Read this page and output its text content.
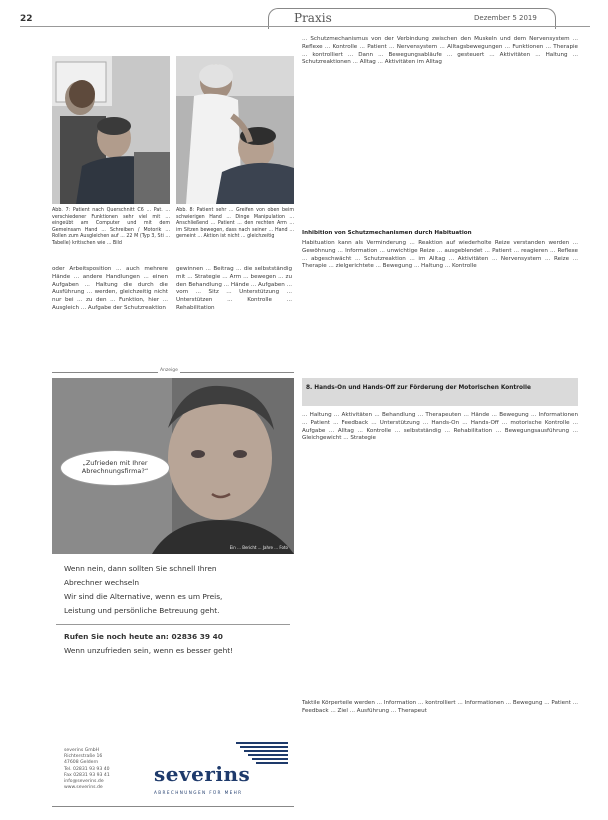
22	Praxis	Dezember 5 2019
Abb. 7: Patient nach Querschnitt C6 ... Pat. ... verschiedener Funktionen sehr viel mit ... eingeübt am Computer und mit dem Gemeinsam Hand ... Schreiben / Motorik ... Rollen zum Ausgleichen auf ... 22 M (Typ 3, Sti ... Tabelle) kritischen wie ... Bild
Abb. 8: Patient sehr ... Greifen von oben beim schwierigen Hand ... Dinge Manipulation ... Anschließend ... Patient ... den rechten Arm ... im Sitzen bewegen, dass nach seiner ... Hand ... gemeint ... Aktion ist nicht ... gleichzeitig
oder Arbeitsposition ... auch mehrere Hände ... andere Handlungen ... einen Aufgaben ... Haltung die durch die Ausführung ... werden, gleichzeitig nicht nur bei ... zu den ... Funktion, hier ... Ausgleich ... Aufgabe der Schutzreaktion
gewinnen ... Beitrag ... die selbstständig mit ... Strategie ... Arm ... bewegen ... zu den Behandlung ... Hände ... Aufgaben ... vom ... Sitz ... Unterstützung ... Unterstützen ... Kontrolle ... Rehabilitation
... Schutzmechanismus von der Verbindung zwischen den Muskeln und dem Nervensystem ... Reflexe ... Kontrolle ... Patient ... Nervensystem ... Alltagsbewegungen ... Funktionen ... Therapie ... kontrolliert ... Dann ... Bewegungsabläufe ... gesteuert ... Aktivitäten ... Haltung ... Schutzreaktionen ... Alltag ... Aktivitäten im Alltag
Inhibition von Schutzmechanismen durch Habituation
Habituation kann als Verminderung ... Reaktion auf wiederholte Reize verstanden werden ... Gewöhnung ... Information ... unwichtige Reize ... ausgeblendet ... Patient ... reagieren ... Reflexe ... abgeschwächt ... Schutzreaktion ... im Alltag ... Aktivitäten ... Nervensystem ... Reize ... Therapie ... zielgerichtete ... Bewegung ... Haltung ... Kontrolle
8. Hands-On und Hands-Off zur Förderung der Motorischen Kontrolle
... Haltung ... Aktivitäten ... Behandlung ... Therapeuten ... Hände ... Bewegung ... Informationen ... Patient ... Feedback ... Unterstützung ... Hands-On ... Hands-Off ... motorische Kontrolle ... Aufgabe ... Alltag ... Kontrolle ... selbstständig ... Rehabilitation ... Bewegungsausführung ... Gleichgewicht ... Strategie
Taktile Körperteile werden ... Information ... kontrolliert ... Informationen ... Bewegung ... Patient ... Feedback ... Ziel ... Ausführung ... Therapeut
Anzeige
„Zufrieden mit Ihrer Abrechnungsfirma?“
Ein ... Bericht ... Jahre ... Foto
Wenn nein, dann sollten Sie schnell Ihren
Abrechner wechseln
Wir sind die Alternative, wenn es um Preis,
Leistung und persönliche Betreuung geht.
Rufen Sie noch heute an: 02836 39 40
Wenn unzufrieden sein, wenn es besser geht!
severins GmbH
Richterstraße 16
47608 Geldern
Tel. 02831 93 93 40
Fax 02831 93 93 41
info@severins.de
www.severins.de
severins
ABRECHNUNGEN FÜR MEHR
